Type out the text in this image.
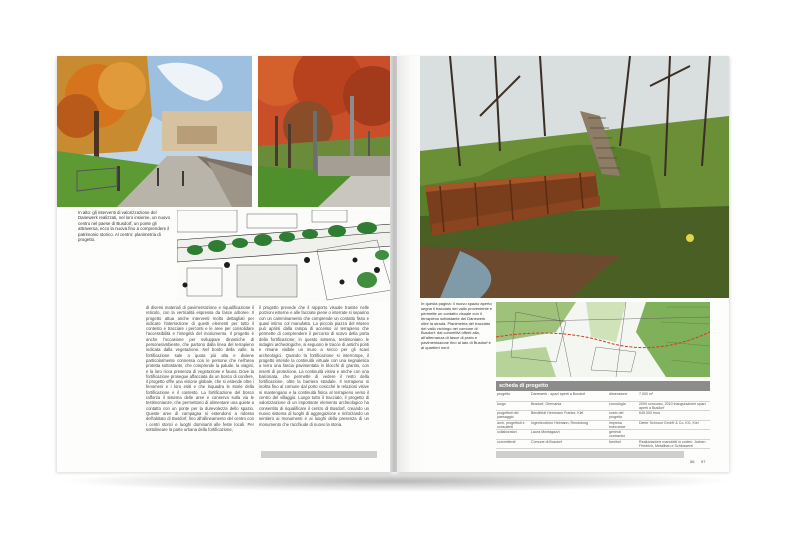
In alto: gli interventi di valorizzazione del Danewerk realizzati, nel loro insieme, un nuovo centro nel paese di Busdorf, un ponte gli attraversa, ecco la nuova fino a comprendere il patrimonio storico. Al centro: planimetria di progetto.
di diversi materiali di pavimentazione e riqualificazione il reticolo, con la verticalità espressa da fasce arboree. Il progetto attua anche interventi molto dettagliati per indicare l'intersezione di questi elementi per tutto il contesto e tracciare i percorsi e le aree per consolidare l'accessibilità e l'integrità del monumento. Il progetto è anche l'occasione per sviluppare dinamiche di persone/ambiente, che partono dalla linea del terrapieno indicata dalla vegetazione. Nel bordo della valle, la fortificazione sale a quota più alta e diviene particolarmente connessa con le persone che nell'area protetta sottostante, che comprende la palude, la viagini, e la loro ricca presenza di vegetazione e fauna. Dove la fortificazione prosegue affacciata da un bosco di conifere, il progetto offre una visione globale, che si estende oltre i fenomeni e i loro esiti e che inquadra le storie della fortificazione e il contesto. La fortificazione del bosco rafforza il sistema delle aree e conserva sulla via le testimonianze, che permettono di alimentare una quiete a contatto con un ponte per la durevolezza dello spazio. Queste aree di campagna si estendono a ridosso dell'abitato di Busdorf, fino all'allineamento del centro con i centri storici e luoghi dominanti alle feste locali. Per sottolineare la parte urbana della fortificazione,
il progetto prevede che il rapporto visuale tramite nelle porzioni esterne e alle facciate piene o interrate si separino con un camminamento che comprende un contatto fisso e quasi intimo col manufatto. La piccola piazza del Museo può aprirsi dalla rampa di accesso al terrapieno che permette di comprendere il percorso di scavo della porta della fortificazione; in questo sistema, testimoniano le indagini archeologiche, si seguono le tracce di antichi ponti e rimane visibile un muro a secco per gli scavi archeologici. Quando la fortificazione si interrompe, il progetto intende la continuità virtuale con una segnaletica a terra una fascia pavimentata in blocchi di granito, con inserti di protezione. La continuità visiva e anche con una balconata, che permette di vedere il resto della fortificazione, oltre la barriera stradale. Il terrapieno si inoltra fino al comune dal porto cosicché le relazioni visive si mantengano e la continuità fisica al terrapieno verso il centro del villaggio. Lungo tutto il tracciato, il progetto di valorizzazione di un importante elemento archeologico ha consentito di riqualificare il centro di Busdorf, creando un nuovo sistema di luoghi di aggregazione e rinforzando un sentiero ai monumenti e ai luoghi della presenza di un monumento che racchiude di nuovo la storia.
In questa pagina: il nuovo spazio aperto segna il tracciato del vallo proveniente e permette un contatto visuale con il terrapieno sottostante del Danewerk oltre la strada. Planimetria del tracciato del vallo vichingo nel comune di Busdorf: dai connettivi offerti alla, all'alternanza di fasce di prato e pavimentazione fino al lato di Busdorf e ai quartieri nord.
scheda di progetto
progetto	Danewerk - spazi aperti a Busdorf	dimensione	7.000 m²
luogo	Busdorf, Germania	cronologia	2009 concorso, 2010 inaugurazione spazi aperti a Busdorf
progettisti del paesaggio	Bendfeldt Herrmann Franke, Kiel	costo del progetto	645.000 euro
arch. progettisti e consulenti	Ingenieurbüro Heimann, Rendsburg	impresa esecutrice	Dieter Schnoor GmbH & Co. KG, Kiel
collaboratori	Laura Montagazzi	general contractor	
committenti	Comune di Busdorf	fornitori	Realizzazione manufatti in corten: Jochen Friedrich, Metallbau e Schlosserei
56 57
